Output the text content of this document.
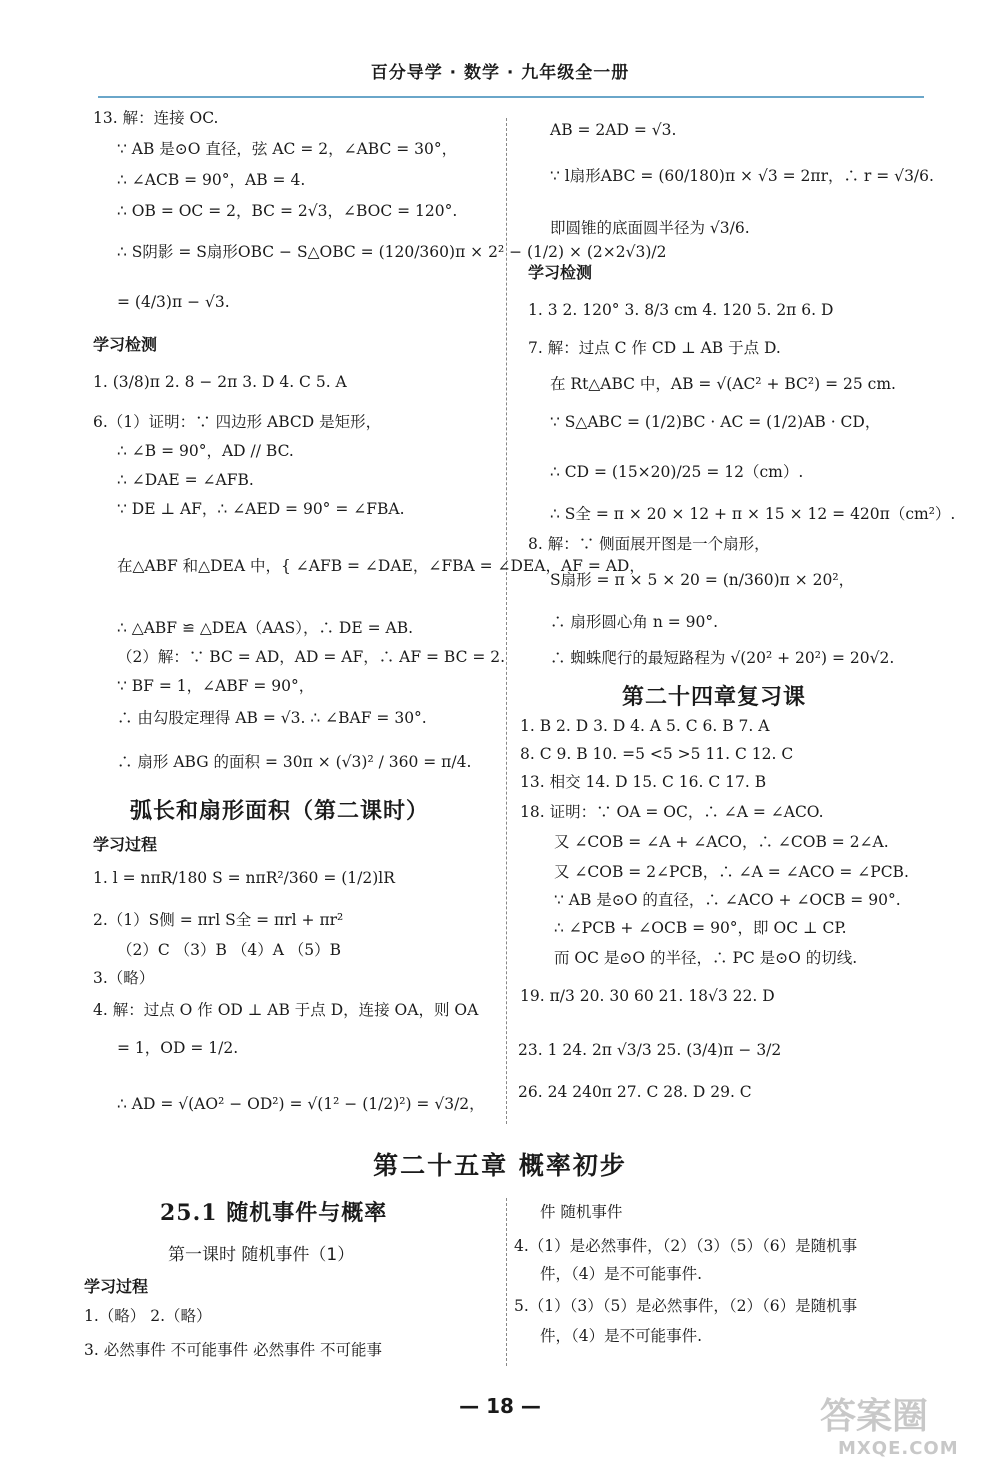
百分导学 · 数学 · 九年级全一册
13. 解：连接 OC.
∵ AB 是⊙O 直径，弦 AC = 2，∠ABC = 30°，
∴ ∠ACB = 90°，AB = 4.
∴ OB = OC = 2，BC = 2√3，∠BOC = 120°.
∴ S阴影 = S扇形OBC − S△OBC = (120/360)π × 2² − (1/2) × (2×2√3)/2
= (4/3)π − √3.
学习检测
1. (3/8)π 2. 8 − 2π 3. D 4. C 5. A
6.（1）证明：∵ 四边形 ABCD 是矩形，
∴ ∠B = 90°，AD // BC.
∴ ∠DAE = ∠AFB.
∵ DE ⊥ AF，∴ ∠AED = 90° = ∠FBA.
在△ABF 和△DEA 中，{ ∠AFB = ∠DAE，∠FBA = ∠DEA，AF = AD，
∴ △ABF ≌ △DEA（AAS），∴ DE = AB.
（2）解：∵ BC = AD，AD = AF，∴ AF = BC = 2.
∵ BF = 1，∠ABF = 90°，
∴ 由勾股定理得 AB = √3. ∴ ∠BAF = 30°.
∴ 扇形 ABG 的面积 = 30π × (√3)² / 360 = π/4.
弧长和扇形面积（第二课时）
学习过程
1. l = nπR/180 S = nπR²/360 = (1/2)lR
2.（1）S侧 = πrl S全 = πrl + πr²
（2）C （3）B （4）A （5）B
3.（略）
4. 解：过点 O 作 OD ⊥ AB 于点 D，连接 OA，则 OA
= 1，OD = 1/2.
∴ AD = √(AO² − OD²) = √(1² − (1/2)²) = √3/2，
AB = 2AD = √3.
∵ l扇形ABC = (60/180)π × √3 = 2πr，∴ r = √3/6.
即圆锥的底面圆半径为 √3/6.
学习检测
1. 3 2. 120° 3. 8/3 cm 4. 120 5. 2π 6. D
7. 解：过点 C 作 CD ⊥ AB 于点 D.
在 Rt△ABC 中，AB = √(AC² + BC²) = 25 cm.
∵ S△ABC = (1/2)BC · AC = (1/2)AB · CD，
∴ CD = (15×20)/25 = 12（cm）.
∴ S全 = π × 20 × 12 + π × 15 × 12 = 420π（cm²）.
8. 解：∵ 侧面展开图是一个扇形，
S扇形 = π × 5 × 20 = (n/360)π × 20²，
∴ 扇形圆心角 n = 90°.
∴ 蜘蛛爬行的最短路程为 √(20² + 20²) = 20√2.
第二十四章复习课
1. B 2. D 3. D 4. A 5. C 6. B 7. A
8. C 9. B 10. =5 <5 >5 11. C 12. C
13. 相交 14. D 15. C 16. C 17. B
18. 证明：∵ OA = OC，∴ ∠A = ∠ACO.
又 ∠COB = ∠A + ∠ACO，∴ ∠COB = 2∠A.
又 ∠COB = 2∠PCB，∴ ∠A = ∠ACO = ∠PCB.
∵ AB 是⊙O 的直径，∴ ∠ACO + ∠OCB = 90°.
∴ ∠PCB + ∠OCB = 90°，即 OC ⊥ CP.
而 OC 是⊙O 的半径，∴ PC 是⊙O 的切线.
19. π/3 20. 30 60 21. 18√3 22. D
23. 1 24. 2π √3/3 25. (3/4)π − 3/2
26. 24 240π 27. C 28. D 29. C
第二十五章 概率初步
25.1 随机事件与概率
第一课时 随机事件（1）
学习过程
1.（略） 2.（略）
3. 必然事件 不可能事件 必然事件 不可能事
件 随机事件
4.（1）是必然事件，（2）（3）（5）（6）是随机事
件，（4）是不可能事件.
5.（1）（3）（5）是必然事件，（2）（6）是随机事
件，（4）是不可能事件.
— 18 —	答案圈
MXQE.COM
